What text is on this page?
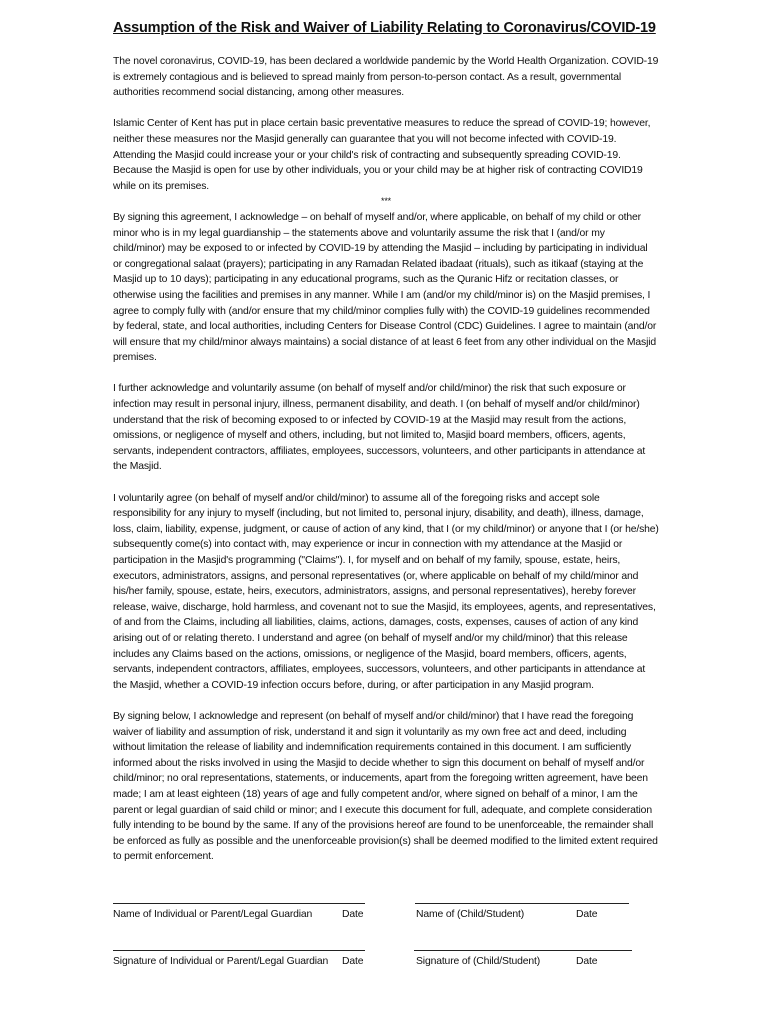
Assumption of the Risk and Waiver of Liability Relating to Coronavirus/COVID-19

The novel coronavirus, COVID-19, has been declared a worldwide pandemic by the World Health Organization. COVID-19 is extremely contagious and is believed to spread mainly from person-to-person contact. As a result, governmental authorities recommend social distancing, among other measures.

Islamic Center of Kent has put in place certain basic preventative measures to reduce the spread of COVID-19; however, neither these measures nor the Masjid generally can guarantee that you will not become infected with COVID-19. Attending the Masjid could increase your or your child's risk of contracting and subsequently spreading COVID-19. Because the Masjid is open for use by other individuals, you or your child may be at higher risk of contracting COVID19 while on its premises.

***

By signing this agreement, I acknowledge – on behalf of myself and/or, where applicable, on behalf of my child or other minor who is in my legal guardianship – the statements above and voluntarily assume the risk that I (and/or my child/minor) may be exposed to or infected by COVID-19 by attending the Masjid – including by participating in individual or congregational salaat (prayers); participating in any Ramadan Related ibadaat (rituals), such as itikaaf (staying at the Masjid up to 10 days); participating in any educational programs, such as the Quranic Hifz or recitation classes, or otherwise using the facilities and premises in any manner. While I am (and/or my child/minor is) on the Masjid premises, I agree to comply fully with (and/or ensure that my child/minor complies fully with) the COVID-19 guidelines recommended by federal, state, and local authorities, including Centers for Disease Control (CDC) Guidelines. I agree to maintain (and/or will ensure that my child/minor always maintains) a social distance of at least 6 feet from any other individual on the Masjid premises.

I further acknowledge and voluntarily assume (on behalf of myself and/or child/minor) the risk that such exposure or infection may result in personal injury, illness, permanent disability, and death. I (on behalf of myself and/or child/minor) understand that the risk of becoming exposed to or infected by COVID-19 at the Masjid may result from the actions, omissions, or negligence of myself and others, including, but not limited to, Masjid board members, officers, agents, servants, independent contractors, affiliates, employees, successors, volunteers, and other participants in attendance at the Masjid.

I voluntarily agree (on behalf of myself and/or child/minor) to assume all of the foregoing risks and accept sole responsibility for any injury to myself (including, but not limited to, personal injury, disability, and death), illness, damage, loss, claim, liability, expense, judgment, or cause of action of any kind, that I (or my child/minor) or anyone that I (or he/she) subsequently come(s) into contact with, may experience or incur in connection with my attendance at the Masjid or participation in the Masjid's programming ("Claims"). I, for myself and on behalf of my family, spouse, estate, heirs, executors, administrators, assigns, and personal representatives (or, where applicable on behalf of my child/minor and his/her family, spouse, estate, heirs, executors, administrators, assigns, and personal representatives), hereby forever release, waive, discharge, hold harmless, and covenant not to sue the Masjid, its employees, agents, and representatives, of and from the Claims, including all liabilities, claims, actions, damages, costs, expenses, causes of action of any kind arising out of or relating thereto. I understand and agree (on behalf of myself and/or my child/minor) that this release includes any Claims based on the actions, omissions, or negligence of the Masjid, board members, officers, agents, servants, independent contractors, affiliates, employees, successors, volunteers, and other participants in attendance at the Masjid, whether a COVID-19 infection occurs before, during, or after participation in any Masjid program.

By signing below, I acknowledge and represent (on behalf of myself and/or child/minor) that I have read the foregoing waiver of liability and assumption of risk, understand it and sign it voluntarily as my own free act and deed, including without limitation the release of liability and indemnification requirements contained in this document. I am sufficiently informed about the risks involved in using the Masjid to decide whether to sign this document on behalf of myself and/or child/minor; no oral representations, statements, or inducements, apart from the foregoing written agreement, have been made; I am at least eighteen (18) years of age and fully competent and/or, where signed on behalf of a minor, I am the parent or legal guardian of said child or minor; and I execute this document for full, adequate, and complete consideration fully intending to be bound by the same. If any of the provisions hereof are found to be unenforceable, the remainder shall be enforced as fully as possible and the unenforceable provision(s) shall be deemed modified to the limited extent required to permit enforcement.

Name of Individual or Parent/Legal Guardian	Date	Name of (Child/Student)	Date
Signature of Individual or Parent/Legal Guardian Date	Signature of (Child/Student)	Date
